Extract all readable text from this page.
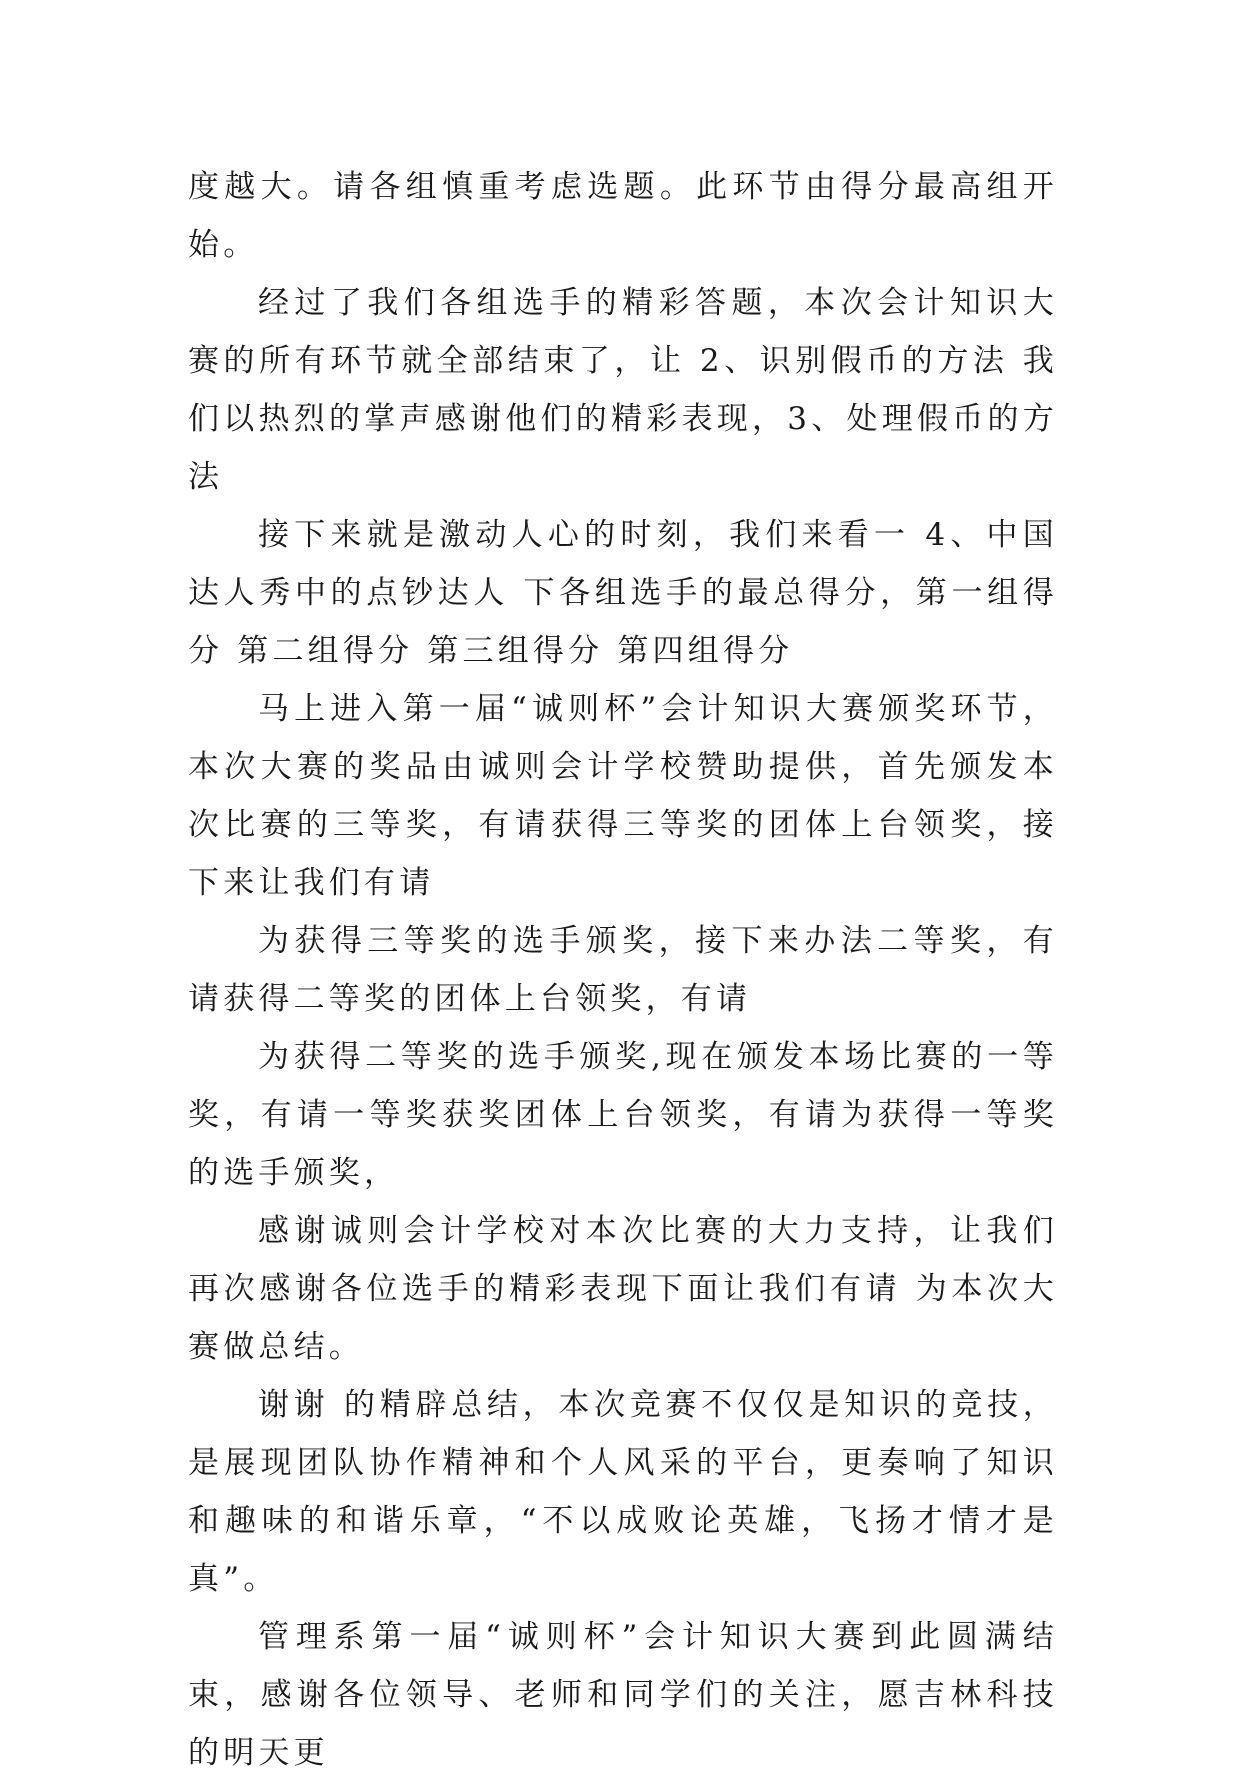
度越大。请各组慎重考虑选题。此环节由得分最高组开始。

经过了我们各组选手的精彩答题，本次会计知识大赛的所有环节就全部结束了，让 2、识别假币的方法 我们以热烈的掌声感谢他们的精彩表现，3、处理假币的方法

接下来就是激动人心的时刻，我们来看一 4、中国达人秀中的点钞达人 下各组选手的最总得分，第一组得分 第二组得分 第三组得分 第四组得分

马上进入第一届“诚则杯”会计知识大赛颁奖环节，本次大赛的奖品由诚则会计学校赞助提供，首先颁发本次比赛的三等奖，有请获得三等奖的团体上台领奖，接下来让我们有请

为获得三等奖的选手颁奖，接下来办法二等奖，有请获得二等奖的团体上台领奖，有请

为获得二等奖的选手颁奖,现在颁发本场比赛的一等奖，有请一等奖获奖团体上台领奖，有请为获得一等奖的选手颁奖，

感谢诚则会计学校对本次比赛的大力支持，让我们再次感谢各位选手的精彩表现下面让我们有请 为本次大赛做总结。

谢谢 的精辟总结，本次竞赛不仅仅是知识的竞技，是展现团队协作精神和个人风采的平台，更奏响了知识和趣味的和谐乐章，“不以成败论英雄，飞扬才情才是真”。

管理系第一届“诚则杯”会计知识大赛到此圆满结束，感谢各位领导、老师和同学们的关注，愿吉林科技的明天更
